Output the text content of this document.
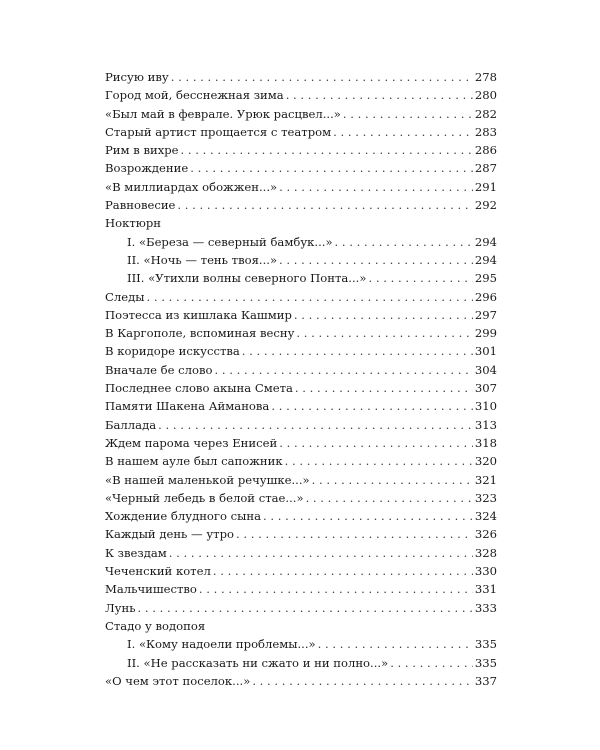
Рисую иву . . .	278
Город мой, бесснежная зима . . .	280
«Был май в феврале. Урюк расцвел...» . . .	282
Старый артист прощается с театром . . .	283
Рим в вихре . . .	286
Возрождение . . .	287
«В миллиардах обожжен...» . . .	291
Равновесие . . .	292
Ноктюрн
I. «Береза — северный бамбук...» . . .	294
II. «Ночь — тень твоя...» . . .	294
III. «Утихли волны северного Понта...» . . .	295
Следы . . .	296
Поэтесса из кишлака Кашмир . . .	297
В Каргополе, вспоминая весну . . .	299
В коридоре искусства . . .	301
Вначале бе слово . . .	304
Последнее слово акына Смета . . .	307
Памяти Шакена Айманова . . .	310
Баллада . . .	313
Ждем парома через Енисей . . .	318
В нашем ауле был сапожник . . .	320
«В нашей маленькой речушке...» . . .	321
«Черный лебедь в белой стае...» . . .	323
Хождение блудного сына . . .	324
Каждый день — утро . . .	326
К звездам . . .	328
Чеченский котел . . .	330
Мальчишество . . .	331
Лунь . . .	333
Стадо у водопоя
I. «Кому надоели проблемы...» . . .	335
II. «Не рассказать ни сжато и ни полно...» . . .	335
«О чем этот поселок...» . . .	337
